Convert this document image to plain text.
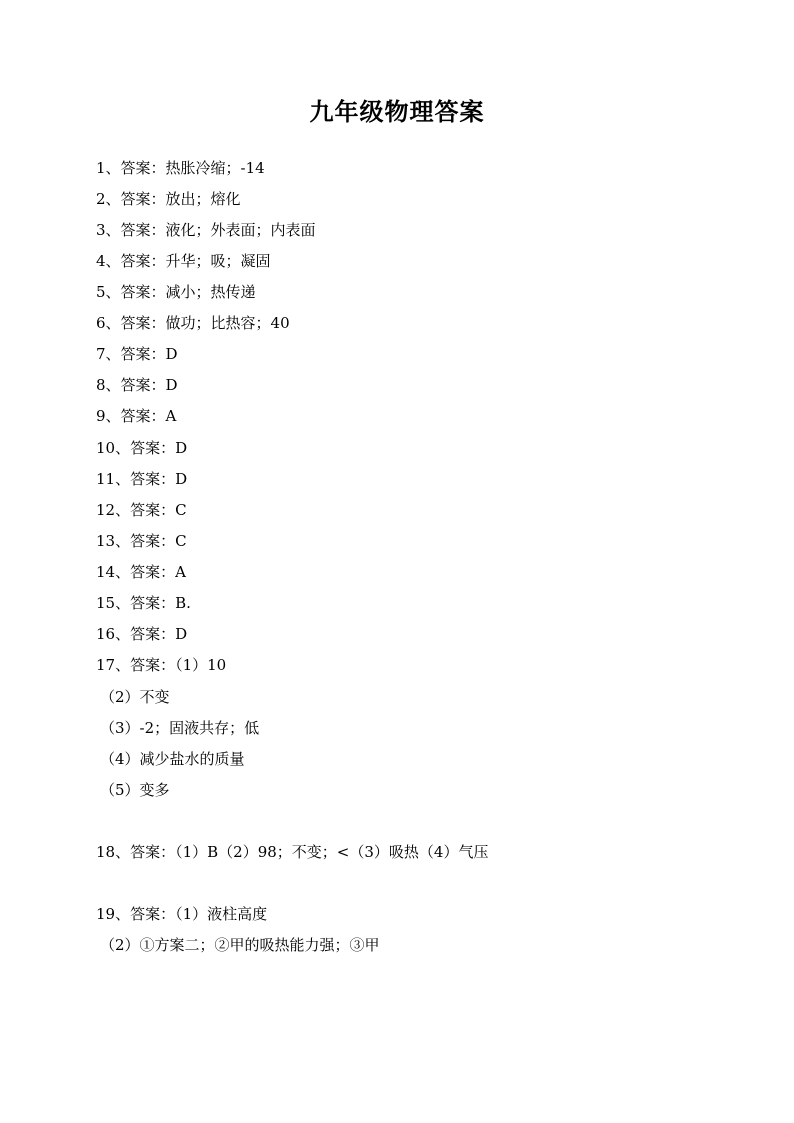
九年级物理答案
1、答案：热胀冷缩；-14
2、答案：放出；熔化
3、答案：液化；外表面；内表面
4、答案：升华；吸；凝固
5、答案：减小；热传递
6、答案：做功；比热容；40
7、答案：D
8、答案：D
9、答案：A
10、答案：D
11、答案：D
12、答案：C
13、答案：C
14、答案：A
15、答案：B.
16、答案：D
17、答案：（1）10
（2）不变
（3）-2；固液共存；低
（4）减少盐水的质量
（5）变多
18、答案：（1）B（2）98；不变；<（3）吸热（4）气压
19、答案：（1）液柱高度
（2）①方案二；②甲的吸热能力强；③甲
